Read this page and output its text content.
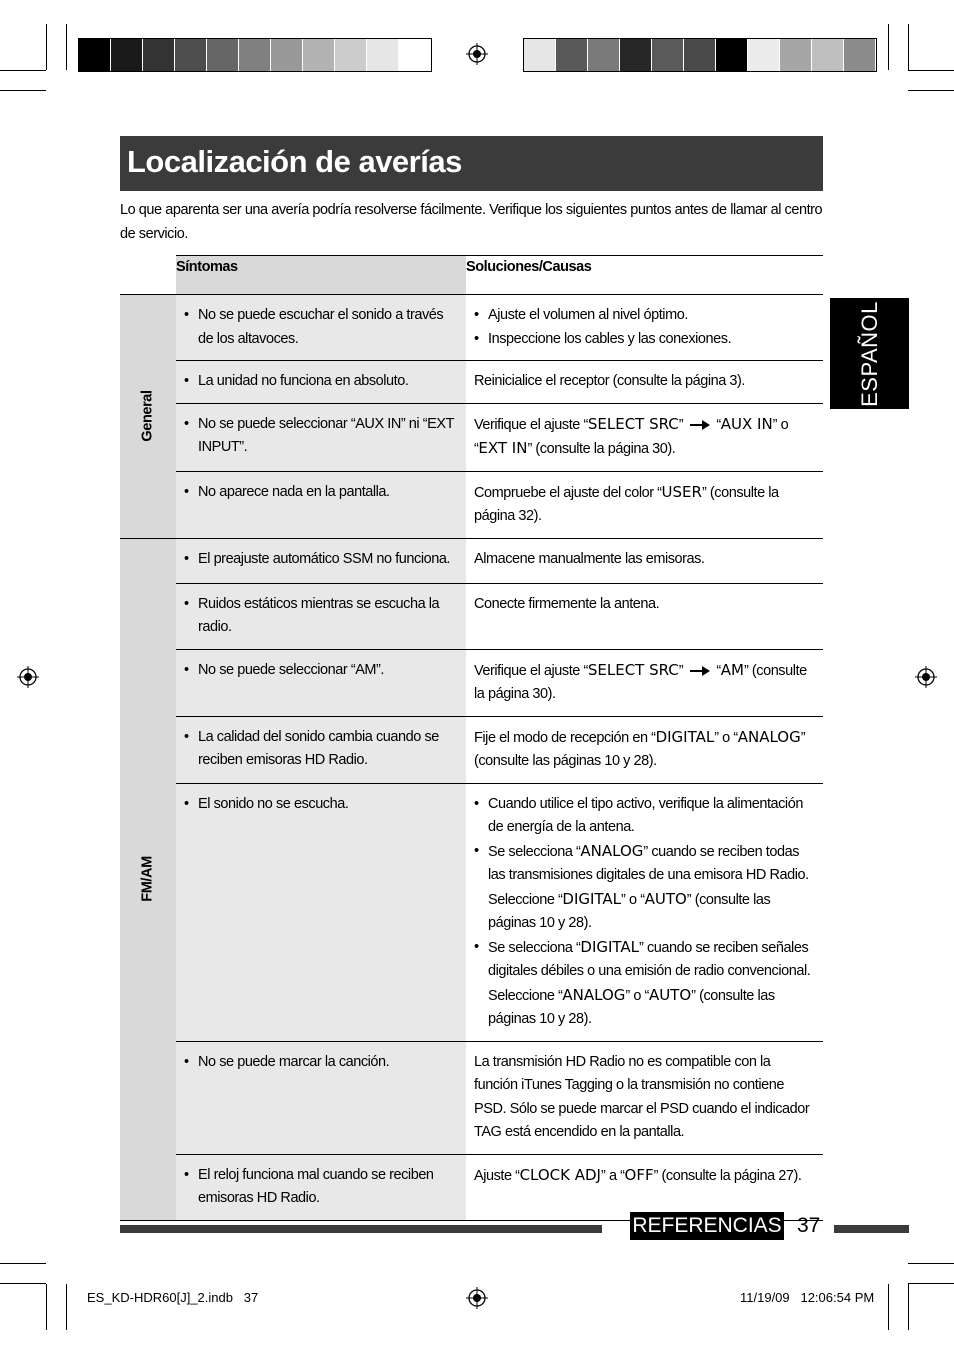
Localización de averías
Lo que aparenta ser una avería podría resolverse fácilmente. Verifique los siguientes puntos antes de llamar al centro de servicio.
	Síntomas	Soluciones/Causas

General	• No se puede escuchar el sonido a través de los altavoces.	• Ajuste el volumen al nivel óptimo.
• Inspeccione los cables y las conexiones.

	• La unidad no funciona en absoluto.	Reinicialice el receptor (consulte la página 3).

	• No se puede seleccionar “AUX IN” ni “EXT INPUT”.	Verifique el ajuste “SELECT SRC”  “AUX IN” o “EXT IN” (consulte la página 30).

	• No aparece nada en la pantalla.	Compruebe el ajuste del color “USER” (consulte la página 32).

FM/AM	• El preajuste automático SSM no funciona.	Almacene manualmente las emisoras.

	• Ruidos estáticos mientras se escucha la radio.	Conecte firmemente la antena.

	• No se puede seleccionar “AM”.	Verifique el ajuste “SELECT SRC”  “AM” (consulte la página 30).

	• La calidad del sonido cambia cuando se reciben emisoras HD Radio.	Fije el modo de recepción en “DIGITAL” o “ANALOG” (consulte las páginas 10 y 28).

	• El sonido no se escucha.	• Cuando utilice el tipo activo, verifique la alimentación de energía de la antena.
• Se selecciona “ANALOG” cuando se reciben todas las transmisiones digitales de una emisora HD Radio. Seleccione “DIGITAL” o “AUTO” (consulte las páginas 10 y 28).
• Se selecciona “DIGITAL” cuando se reciben señales digitales débiles o una emisión de radio convencional. Seleccione “ANALOG” o “AUTO” (consulte las páginas 10 y 28).

	• No se puede marcar la canción.	La transmisión HD Radio no es compatible con la función iTunes Tagging o la transmisión no contiene PSD. Sólo se puede marcar el PSD cuando el indicador TAG está encendido en la pantalla.

	• El reloj funciona mal cuando se reciben emisoras HD Radio.	Ajuste “CLOCK ADJ” a “OFF” (consulte la página 27).
ESPAÑOL
REFERENCIAS 37
ES_KD-HDR60[J]_2.indb   37	11/19/09   12:06:54 PM
